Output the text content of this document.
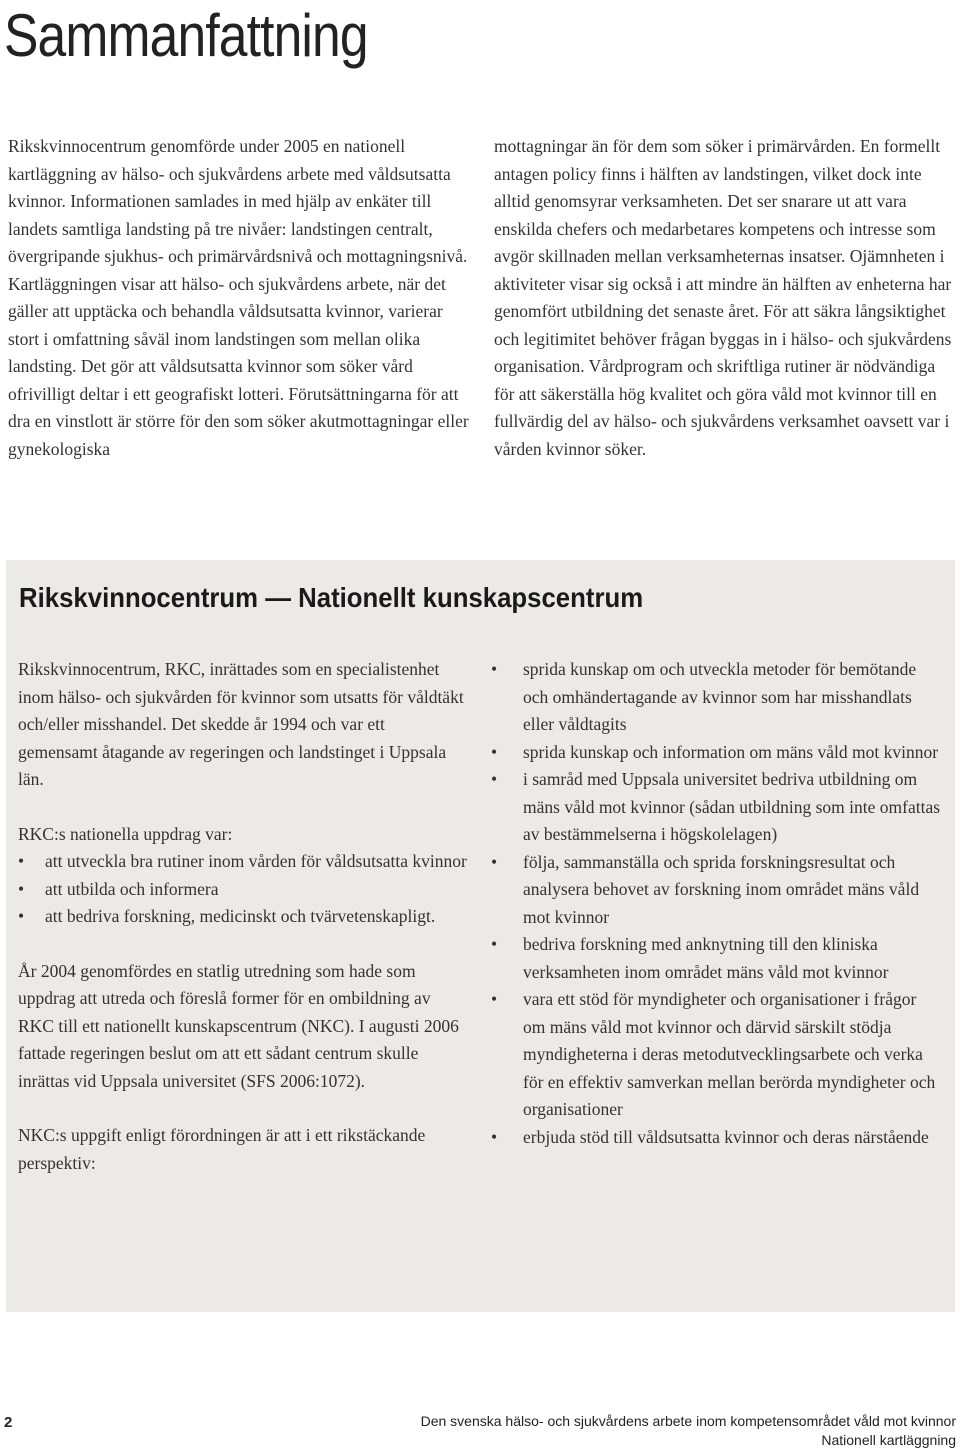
Sammanfattning

Rikskvinnocentrum genomförde under 2005 en nationell kartläggning av hälso- och sjukvårdens arbete med våldsutsatta kvinnor. Informationen samlades in med hjälp av enkäter till landets samtliga landsting på tre nivåer: landstingen centralt, övergripande sjukhus- och primärvårdsnivå och mottagningsnivå. Kartläggningen visar att hälso- och sjukvårdens arbete, när det gäller att upptäcka och behandla våldsutsatta kvinnor, varierar stort i omfattning såväl inom landstingen som mellan olika landsting. Det gör att våldsutsatta kvinnor som söker vård ofrivilligt deltar i ett geografiskt lotteri. Förutsättningarna för att dra en vinstlott är större för den som söker akutmottagningar eller gynekologiska

mottagningar än för dem som söker i primärvården. En formellt antagen policy finns i hälften av landstingen, vilket dock inte alltid genomsyrar verksamheten. Det ser snarare ut att vara enskilda chefers och medarbetares kompetens och intresse som avgör skillnaden mellan verksamheternas insatser. Ojämnheten i aktiviteter visar sig också i att mindre än hälften av enheterna har genomfört utbildning det senaste året. För att säkra långsiktighet och legitimitet behöver frågan byggas in i hälso- och sjukvårdens organisation. Vårdprogram och skriftliga rutiner är nödvändiga för att säkerställa hög kvalitet och göra våld mot kvinnor till en fullvärdig del av hälso- och sjukvårdens verksamhet oavsett var i vården kvinnor söker.

Rikskvinnocentrum — Nationellt kunskapscentrum

Rikskvinnocentrum, RKC, inrättades som en specialistenhet inom hälso- och sjukvården för kvinnor som utsatts för våldtäkt och/eller misshandel. Det skedde år 1994 och var ett gemensamt åtagande av regeringen och landstinget i Uppsala län.

RKC:s nationella uppdrag var:

• att utveckla bra rutiner inom vården för våldsutsatta kvinnor
• att utbilda och informera
• att bedriva forskning, medicinskt och tvärvetenskapligt.

År 2004 genomfördes en statlig utredning som hade som uppdrag att utreda och föreslå former för en ombildning av RKC till ett nationellt kunskapscentrum (NKC). I augusti 2006 fattade regeringen beslut om att ett sådant centrum skulle inrättas vid Uppsala universitet (SFS 2006:1072).

NKC:s uppgift enligt förordningen är att i ett rikstäckande perspektiv:

• sprida kunskap om och utveckla metoder för bemötande och omhändertagande av kvinnor som har misshandlats eller våldtagits
• sprida kunskap och information om mäns våld mot kvinnor
• i samråd med Uppsala universitet bedriva utbildning om mäns våld mot kvinnor (sådan utbildning som inte omfattas av bestämmelserna i högskolelagen)
• följa, sammanställa och sprida forskningsresultat och analysera behovet av forskning inom området mäns våld mot kvinnor
• bedriva forskning med anknytning till den kliniska verksamheten inom området mäns våld mot kvinnor
• vara ett stöd för myndigheter och organisationer i frågor om mäns våld mot kvinnor och därvid särskilt stödja myndigheterna i deras metodutvecklingsarbete och verka för en effektiv samverkan mellan berörda myndigheter och organisationer
• erbjuda stöd till våldsutsatta kvinnor och deras närstående
2	Den svenska hälso- och sjukvårdens arbete inom kompetensområdet våld mot kvinnor
Nationell kartläggning
